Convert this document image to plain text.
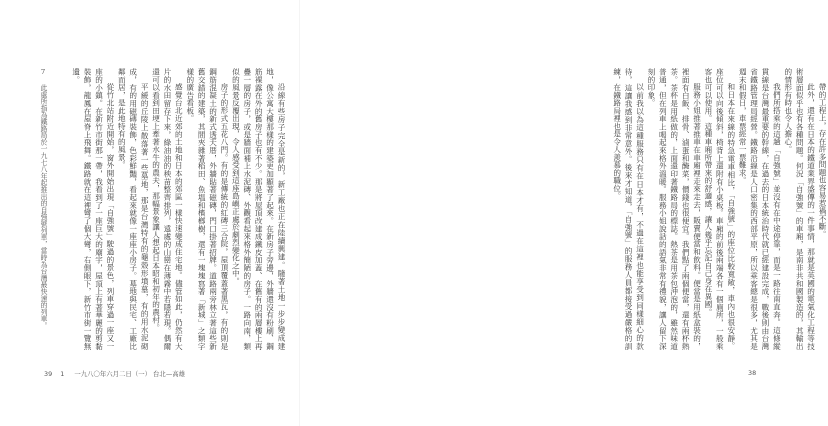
7 此處所指為鐵路局於一九七八年起推出的自強號列車，當時為台灣最快速的列車。	沿線有些房子完全是新的，新工廠也正在陸續興建。隨著土地一步步變成建地，像公寓大樓那樣的建築更加顯著了起來。在新房子旁邊，外牆還沒有粉刷、鋼筋裸露在外的舊房子也有不少。那是將屋頂改建成鐵皮加蓋、在舊有的兩層樓上再疊一層的房子，或是牆面補上水泥磚、外觀看起來格外簡陋的房子。一路向南，類似的風景反覆出現，令人感受到這座島嶼正處於劇烈變化之中。

房子的形式五花八門。有的是傳統的紅磚三合院，屋頂覆蓋著黑瓦，有的則是鋼筋混凝土的新式透天厝，外牆貼著磁磚，門口掛著招牌。道路兩旁林立著這些新舊交錯的建築，其間夾雜著稻田、魚塭和檳榔樹，還有一塊塊寫著「新城」之類字樣的廣告看板。

感覺台北近郊的土地和日本的郊區一樣快速變成住宅地。儘管如此，仍然有大片的水田留存下來，綠油油的秧苗整齊排列，遠處的山巒在薄霧中若隱若現。偶爾還可以看到田埂上牽著水牛的農夫，那幅景象讓人想起日本昭和初年的農村。

平緩的丘陵上散落著一些墓地，那是台灣特有的龜殼形墳墓，有的用水泥砌成，有的用磁磚裝飾，色彩鮮豔，看起來就像一座座小房子。墓地與民宅、工廠比鄰而居，是此地特有的風景。

從竹北站附近開始，窗外開始出現「自強號」駛過的景色，列車穿過一座又一座的小鎮。在新竹市街那一帶，我看到了一座巨大的廟宇，屋頂上有著華麗的剪黏裝飾，龍鳳在屋脊上飛舞。鐵路就在這裡彎了個大彎，右側眼下，新竹市街一覽無遺。

39 1 一九八〇年六月二日（一） 台北—高雄

帶的工程上，存在許多問題也容易惹禍不斷。

此外，還有在日本的鐵道業界盛傳的一件事情，那就是英國的電氣化工程等技術層面似乎也有各種問題。何況「自強號」的車廂，是南非共和國製造的，其輸出的情形有時也令人擔心。

我們所搭乘的這趟「自強號」並沒有在中途停靠，而是一路往南直奔。這條縱貫線是台灣最重要的幹線，在過去的日本統治時代就已經建設完成，戰後則由台灣省鐵路管理局經營。鐵路沿線是人口密集的西部平原，所以乘客總是很多，尤其是週末和假日，車票經常一票難求。

和日本在來線的特急電車相比，「自強號」的座位比較寬敞，車內也很安靜。座位可以向後傾斜，椅背上還附有小桌板。車廂的前後兩端各有一個廁所，一般乘客也可以使用。這種車廂所帶來的舒適感，讓人幾乎忘記自己身在異國。

服務小姐推著推車在車廂裡走來走去，販賣便當和飲料。便當是用紙盒裝的，裡面有白飯、排骨、滷蛋和醃菜，價錢也很便宜。我們點了兩個便當，還有兩杯熱茶。茶杯是用紙做的，上面還印著鐵路局的標誌。熱茶是用茶包沖泡的，雖然味道普通，但在列車上喝起來格外溫暖。服務小姐說話的語氣非常有禮貌，讓人留下深刻的印象。

以前我以為這種服務只有在日本才有，不過在這裡也能享受到同樣細心的款待，這讓我感到非常意外。後來才知道，「自強號」的服務人員都接受過嚴格的訓練，在鐵路局裡也是令人羨慕的職位。

38
